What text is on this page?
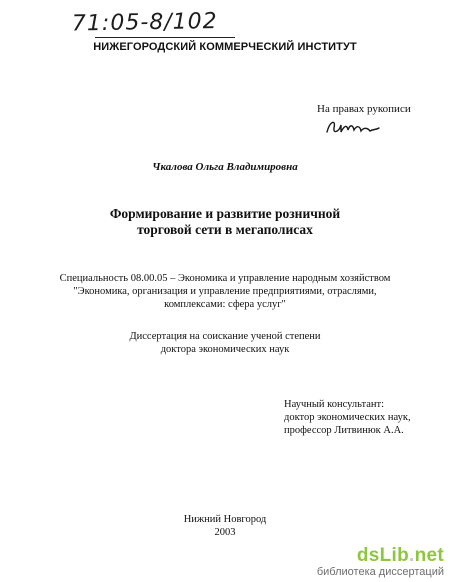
71:05-8/102
НИЖЕГОРОДСКИЙ КОММЕРЧЕСКИЙ ИНСТИТУТ
На правах рукописи
Чкалова Ольга Владимировна
Формирование и развитие розничной
торговой сети в мегаполисах
Специальность 08.00.05 – Экономика и управление народным хозяйством
"Экономика, организация и управление предприятиями, отраслями,
комплексами: сфера услуг"
Диссертация на соискание ученой степени
доктора экономических наук
Научный консультант:
доктор экономических наук,
профессор Литвинюк А.А.
Нижний Новгород
2003
dsLib.net
библиотека диссертаций
